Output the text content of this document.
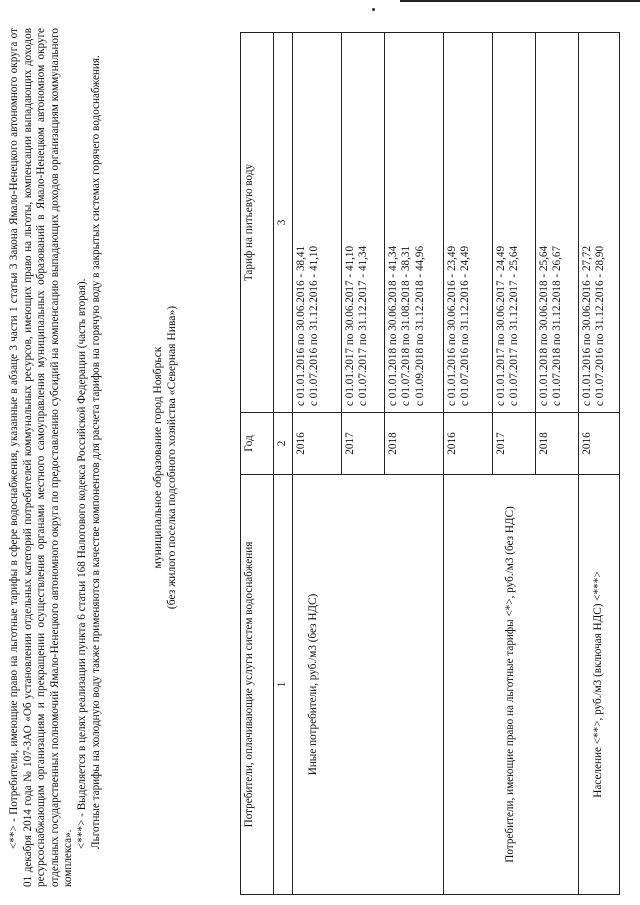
<**> - Потребители, имеющие право на льготные тарифы в сфере водоснабжения, указанные в абзаце 3 части 1 статьи 3 Закона Ямало-Ненецкого автономного округа от 01 декабря 2014 года № 107-ЗАО «Об установлении отдельных категорий потребителей коммунальных ресурсов, имеющих право на льготы, компенсации выпадающих доходов ресурсоснабжающим организациям и прекращении осуществления органами местного самоуправления муниципальных образований в Ямало-Ненецком автономном округе отдельных государственных полномочий Ямало-Ненецкого автономного округа по предоставлению субсидий на компенсацию выпадающих доходов организациям коммунального комплекса».

<***> - Выделяется в целях реализации пункта 6 статьи 168 Налогового кодекса Российской Федерации (часть вторая). Льготные тарифы на холодную воду также применяются в качестве компонентов для расчета тарифов на горячую воду в закрытых системах горячего водоснабжения.	муниципальное образование город Ноябрьск (без жилого поселка подсобного хозяйства «Северная Нива»)
Потребители, оплачивающие услуги систем водоснабжения	Год	Тариф на питьевую воду
1	2	3
Иные потребители, руб./м3 (без НДС)	2016	с 01.01.2016 по 30.06.2016 - 38,41 с 01.07.2016 по 31.12.2016 - 41,10

	2017	с 01.01.2017 по 30.06.2017 - 41,10 с 01.07.2017 по 31.12.2017 - 41,34

	2018	с 01.01.2018 по 30.06.2018 - 41,34 с 01.07.2018 по 31.08.2018 - 38,31 с 01.09.2018 по 31.12.2018 - 44,96

Потребители, имеющие право на льготные тарифы <*>, руб./м3 (без НДС)	2016	с 01.01.2016 по 30.06.2016 - 23,49 с 01.07.2016 по 31.12.2016 - 24,49

	2017	с 01.01.2017 по 30.06.2017 - 24,49 с 01.07.2017 по 31.12.2017 - 25,64

	2018	с 01.01.2018 по 30.06.2018 - 25,64 с 01.07.2018 по 31.12.2018 - 26,67

Население <**>, руб./м3 (включая НДС) <***>	2016	с 01.01.2016 по 30.06.2016 - 27,72 с 01.07.2016 по 31.12.2016 - 28,90
